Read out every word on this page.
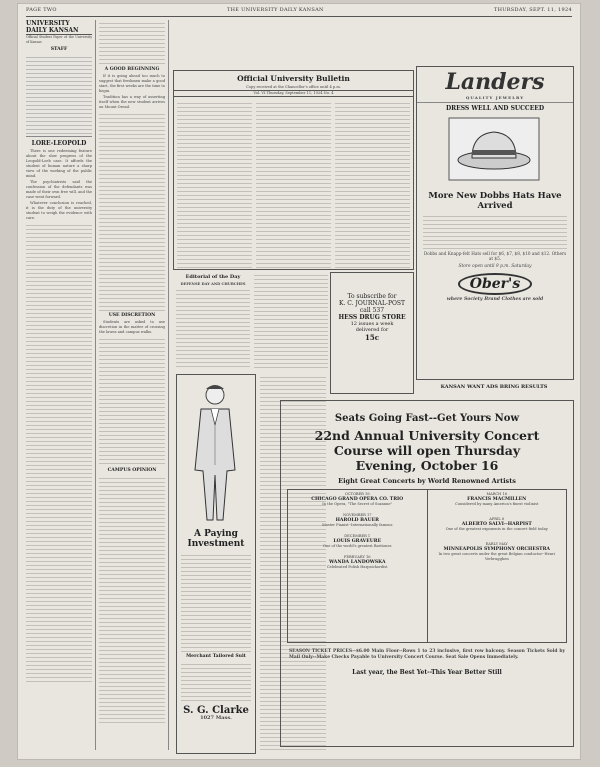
PAGE TWO	THE UNIVERSITY DAILY KANSAN	THURSDAY, SEPT. 11, 1924
UNIVERSITY DAILY KANSAN
Official Student Paper of the University of Kansas
STAFF
LORE-LEOPOLD

There is one redeeming feature about the slow progress of the Leopold-Loeb case. It affords the student of human nature a sharp view of the working of the public mind.

The psychiatrists said the confession of the defendants was made of their own free will, and the case went forward.

Whatever conclusion is reached, it is the duty of the university student to weigh the evidence with care.

A GOOD BEGINNING

If it is going ahead too much to suggest that freshmen make a good start, the first weeks are the time to begin.

Tradition has a way of asserting itself when the new student arrives on Mount Oread.

USE DISCRETION

Students are asked to use discretion in the matter of crossing the lawns and campus walks.

CAMPUS OPINION
Official University Bulletin
Copy received at the Chancellor's office until 4 p.m.
Vol. VI Thursday, September 11, 1924 No. 4
Editorial of the Day
DEFENSE DAY AND CHURCHES
A Paying
Investment
Merchant Tailored Suit
S. G. Clarke
1027 Mass.
To subscribe for
K. C. JOURNAL-POST
call 537
HESS DRUG STORE
12 issues a week
delivered for
15c
Landers
QUALITY JEWELRY
DRESS WELL AND SUCCEED
More New Dobbs Hats Have Arrived
Dobbs and Knapp-felt Hats sell for $6, $7, $8, $10 and $12. Others at $5.
Store open until 9 p.m. Saturday
Ober's
where Society Brand Clothes are sold
KANSAN WANT ADS BRING RESULTS
Seats Going Fast--Get Yours Now
22nd Annual University Concert
Course will open Thursday
Evening, October 16
Eight Great Concerts by World Renowned Artists
OCTOBER 16
CHICAGO GRAND OPERA CO. TRIO
In the Opera, "The Secret of Suzanne"
NOVEMBER 17
HAROLD BAUER
Master Pianist--Internationally famous
DECEMBER 1
LOUIS GRAVEURE
One of the world's greatest Baritones
FEBRUARY 16
WANDA LANDOWSKA
Celebrated Polish Harpsichordist
MARCH 16
FRANCIS MACMILLEN
Considered by many America's finest violinist
APRIL 6
ALBERTO SALVI--HARPIST
One of the greatest exponents in the concert field today
EARLY MAY
MINNEAPOLIS SYMPHONY ORCHESTRA
In two great concerts under the great Belgian conductor--Henri Verbrugghen
SEASON TICKET PRICES--$6.00 Main Floor--Rows 1 to 23 inclusive, first row balcony. Season Tickets Sold by Mail Only--Make Checks Payable to University Concert Course. Seat Sale Opens Immediately.
Last year, the Best Yet--This Year Better Still
